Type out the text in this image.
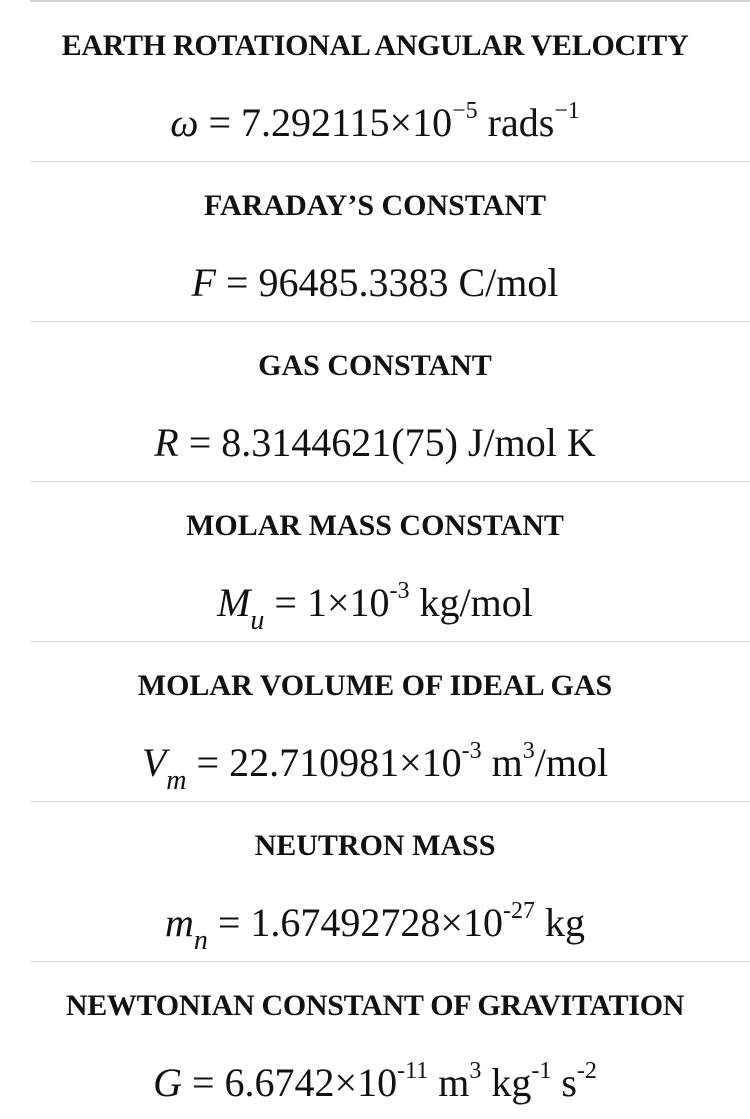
EARTH ROTATIONAL ANGULAR VELOCITY
$\omega = 7.292115\times 10^{-5}$ rads$^{-1}$
FARADAY’S CONSTANT
F = 96485.3383 C/mol
GAS CONSTANT
R = 8.3144621(75) J/mol K
MOLAR MASS CONSTANT
$M_u = 1\times 10^{-3}$ kg/mol
MOLAR VOLUME OF IDEAL GAS
$V_m = 22.710981\times 10^{-3}$ $m^3$/mol
NEUTRON MASS
$m_n = 1.67492728\times 10^{-27}$ kg
NEWTONIAN CONSTANT OF GRAVITATION
$G = 6.6742\times 10^{-11}$ $m^3$ $kg^{-1}$ $s^{-2}$
